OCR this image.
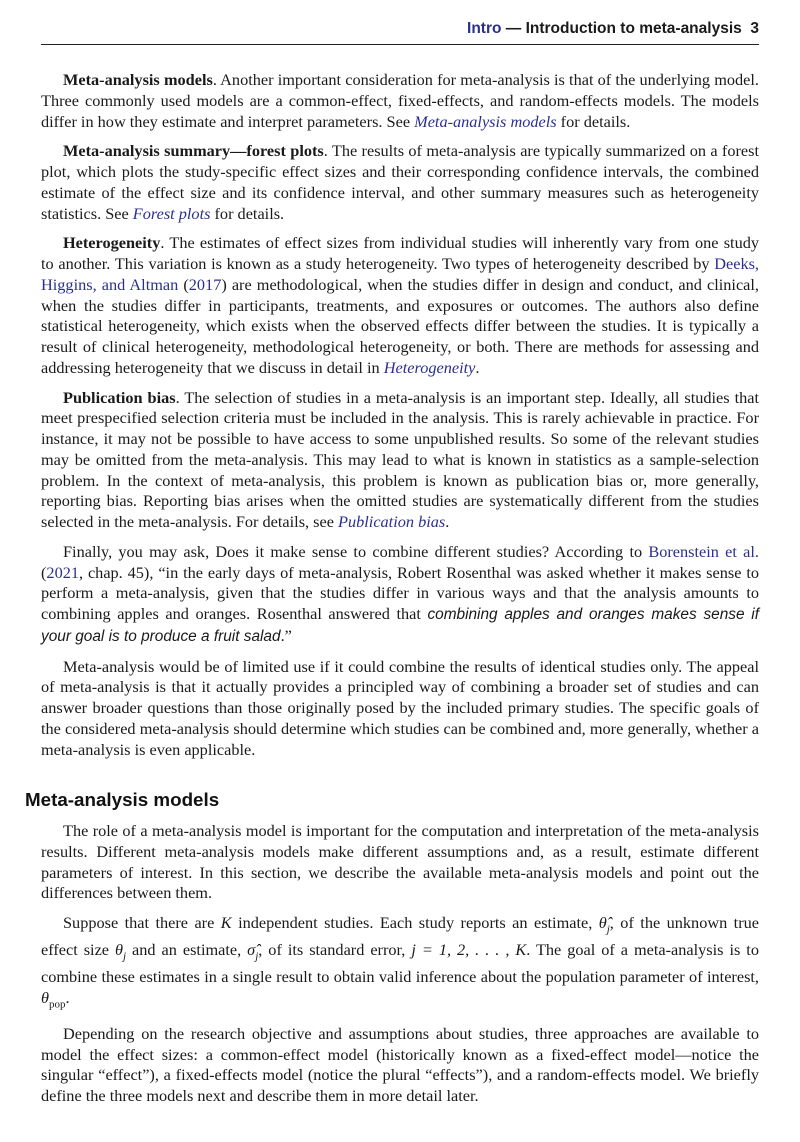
Intro — Introduction to meta-analysis 3

Meta-analysis models. Another important consideration for meta-analysis is that of the underlying model. Three commonly used models are a common-effect, fixed-effects, and random-effects models. The models differ in how they estimate and interpret parameters. See Meta-analysis models for details.

Meta-analysis summary—forest plots. The results of meta-analysis are typically summarized on a forest plot, which plots the study-specific effect sizes and their corresponding confidence intervals, the combined estimate of the effect size and its confidence interval, and other summary measures such as heterogeneity statistics. See Forest plots for details.

Heterogeneity. The estimates of effect sizes from individual studies will inherently vary from one study to another. This variation is known as a study heterogeneity. Two types of heterogeneity described by Deeks, Higgins, and Altman (2017) are methodological, when the studies differ in design and conduct, and clinical, when the studies differ in participants, treatments, and exposures or outcomes. The authors also define statistical heterogeneity, which exists when the observed effects differ between the studies. It is typically a result of clinical heterogeneity, methodological heterogeneity, or both. There are methods for assessing and addressing heterogeneity that we discuss in detail in Heterogeneity.

Publication bias. The selection of studies in a meta-analysis is an important step. Ideally, all studies that meet prespecified selection criteria must be included in the analysis. This is rarely achievable in practice. For instance, it may not be possible to have access to some unpublished results. So some of the relevant studies may be omitted from the meta-analysis. This may lead to what is known in statistics as a sample-selection problem. In the context of meta-analysis, this problem is known as publication bias or, more generally, reporting bias. Reporting bias arises when the omitted studies are systematically different from the studies selected in the meta-analysis. For details, see Publication bias.

Finally, you may ask, Does it make sense to combine different studies? According to Borenstein et al. (2021, chap. 45), “in the early days of meta-analysis, Robert Rosenthal was asked whether it makes sense to perform a meta-analysis, given that the studies differ in various ways and that the analysis amounts to combining apples and oranges. Rosenthal answered that combining apples and oranges makes sense if your goal is to produce a fruit salad.”

Meta-analysis would be of limited use if it could combine the results of identical studies only. The appeal of meta-analysis is that it actually provides a principled way of combining a broader set of studies and can answer broader questions than those originally posed by the included primary studies. The specific goals of the considered meta-analysis should determine which studies can be combined and, more generally, whether a meta-analysis is even applicable.

Meta-analysis models

The role of a meta-analysis model is important for the computation and interpretation of the meta-analysis results. Different meta-analysis models make different assumptions and, as a result, estimate different parameters of interest. In this section, we describe the available meta-analysis models and point out the differences between them.

Suppose that there are K independent studies. Each study reports an estimate, $\thetâ_j$, of the unknown true effect size $\theta_j$ and an estimate, $\sigmâ_j$, of its standard error, j = 1, 2, . . . , K. The goal of a meta-analysis is to combine these estimates in a single result to obtain valid inference about the population parameter of interest, $\theta_{pop}$.

Depending on the research objective and assumptions about studies, three approaches are available to model the effect sizes: a common-effect model (historically known as a fixed-effect model—notice the singular “effect”), a fixed-effects model (notice the plural “effects”), and a random-effects model. We briefly define the three models next and describe them in more detail later.
